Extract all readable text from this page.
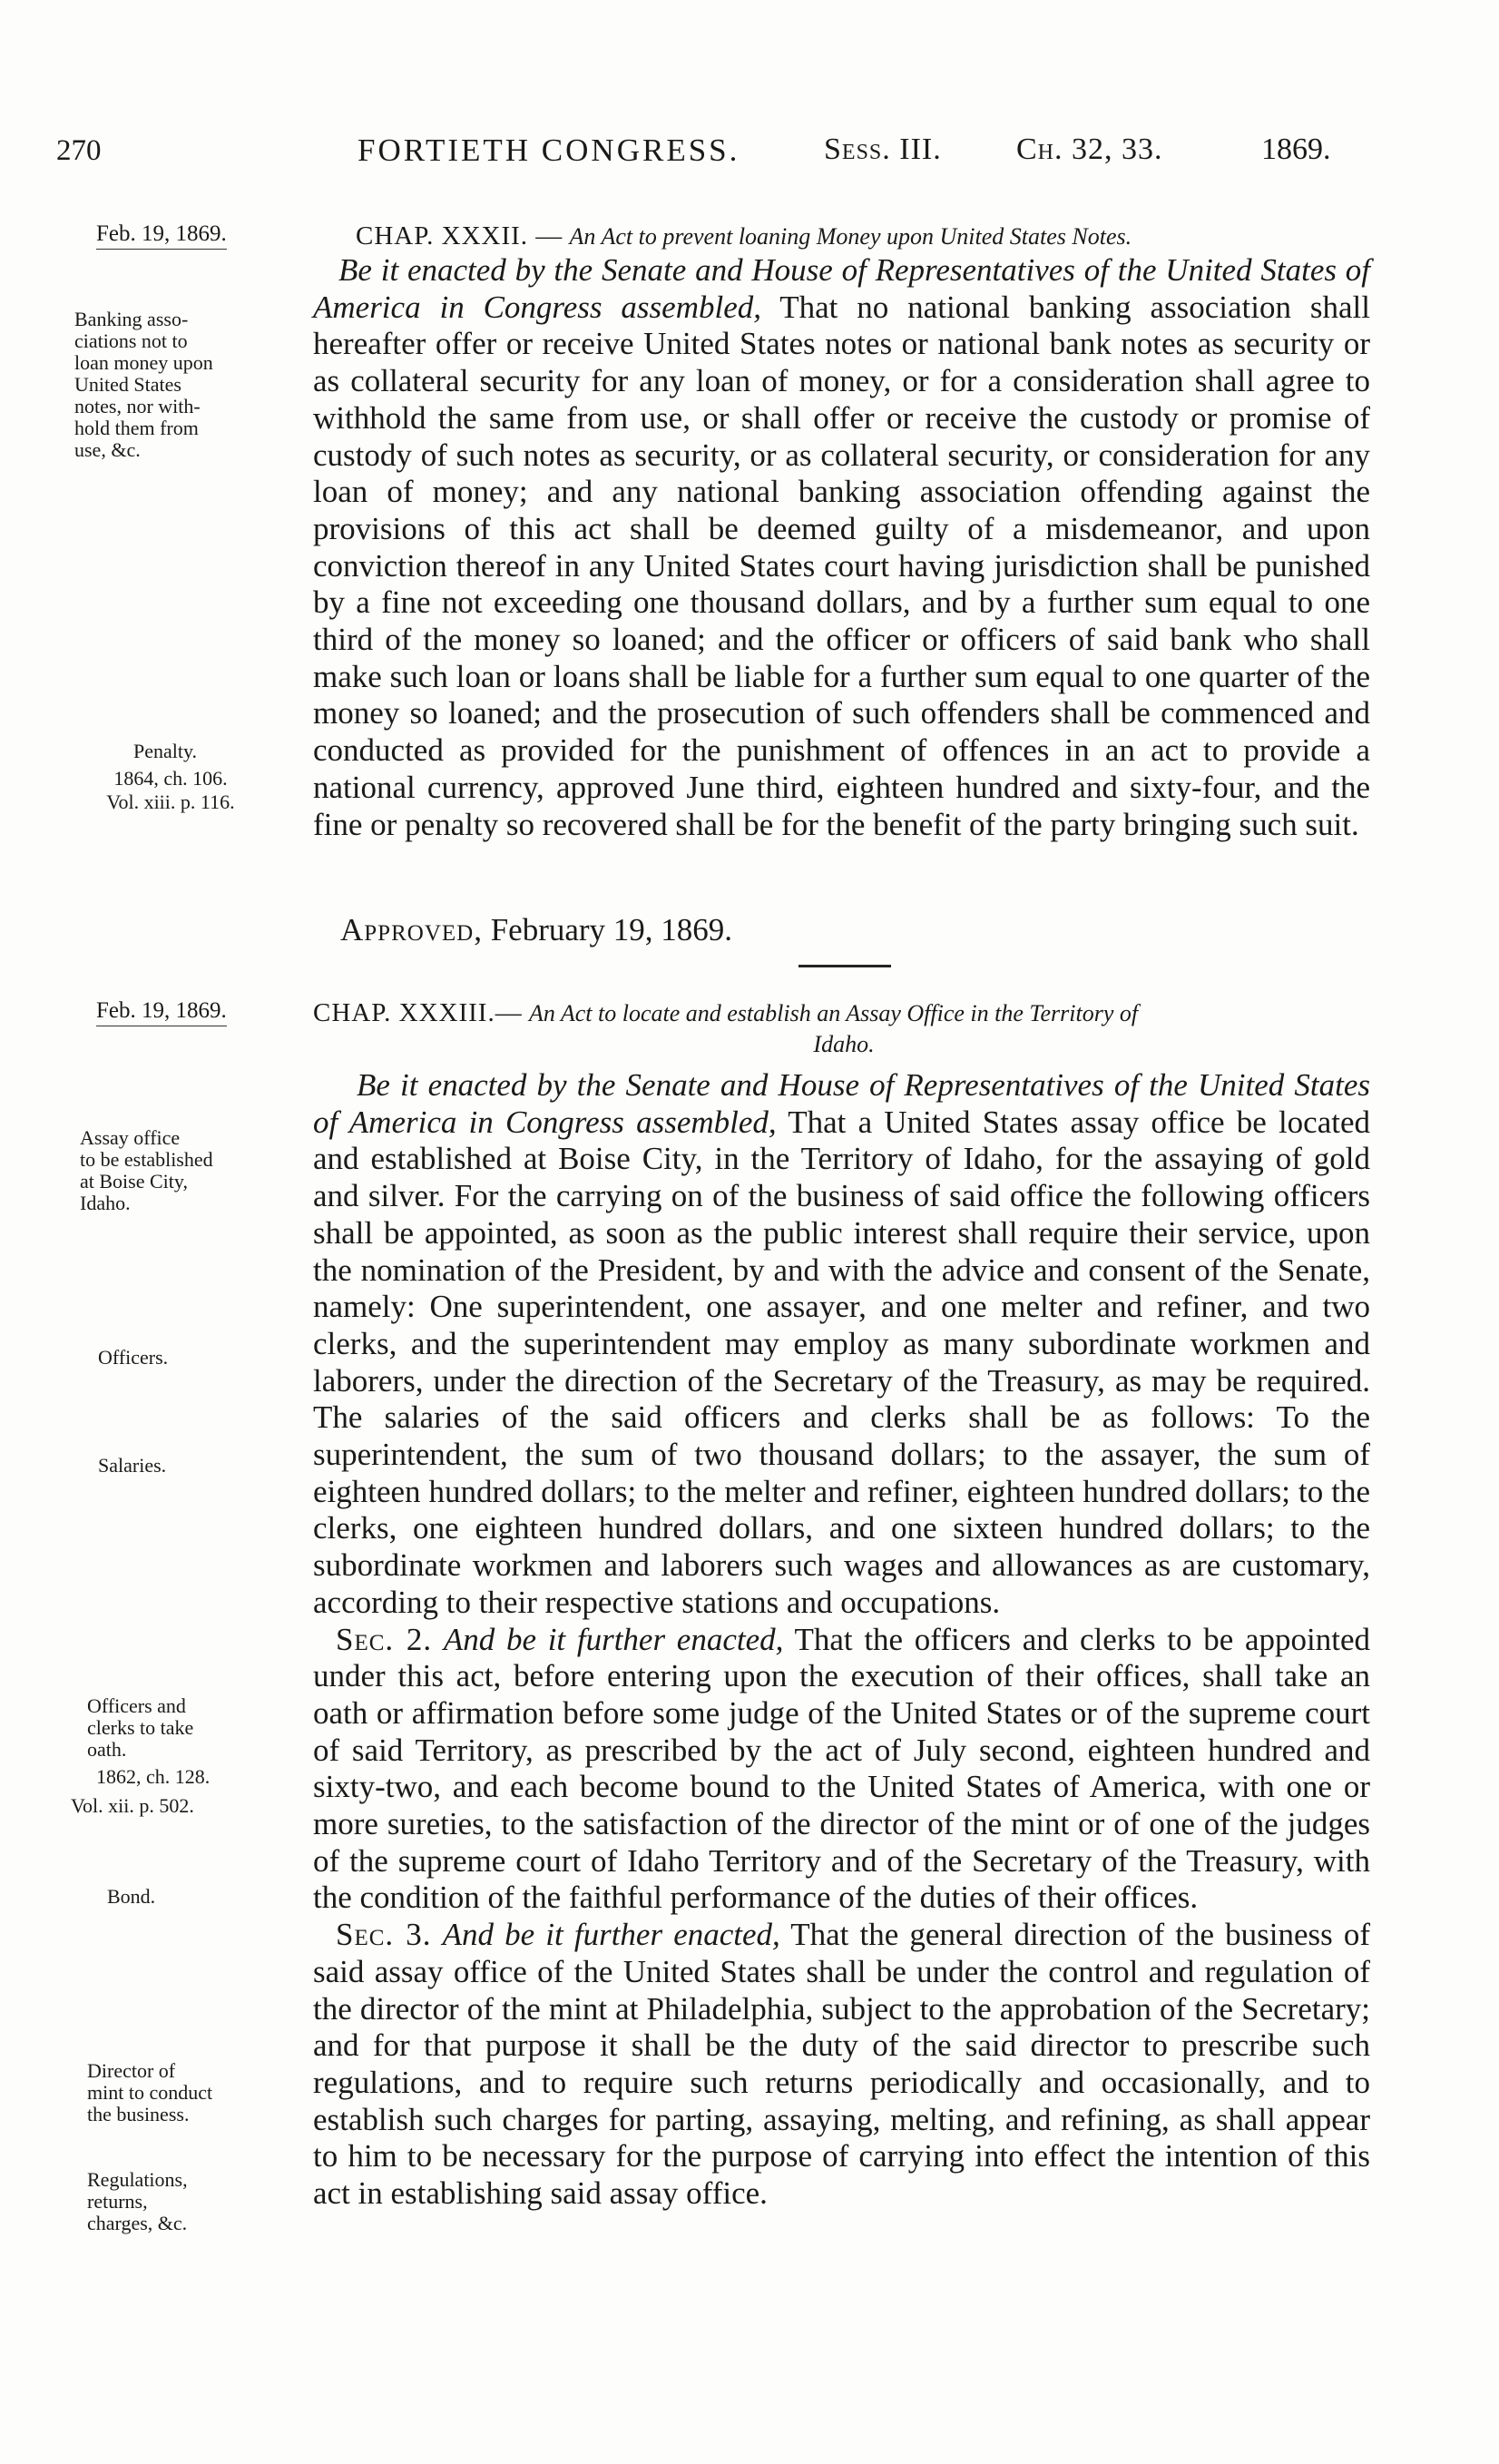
270	FORTIETH CONGRESS.	Sess. III. Ch. 32, 33.	1869.
Feb. 19, 1869.	CHAP. XXXII. — An Act to prevent loaning Money upon United States Notes.
Banking asso-
ciations not to
loan money upon
United States
notes, nor with-
hold them from
use, &c.
Penalty.
1864, ch. 106.
Vol. xiii. p. 116.

Be it enacted by the Senate and House of Representatives of the United States of America in Congress assembled, That no national banking association shall hereafter offer or receive United States notes or national bank notes as security or as collateral security for any loan of money, or for a consideration shall agree to withhold the same from use, or shall offer or receive the custody or promise of custody of such notes as security, or as collateral security, or consideration for any loan of money; and any national banking association offending against the provisions of this act shall be deemed guilty of a misdemeanor, and upon conviction thereof in any United States court having jurisdiction shall be punished by a fine not exceeding one thousand dollars, and by a further sum equal to one third of the money so loaned; and the officer or officers of said bank who shall make such loan or loans shall be liable for a further sum equal to one quarter of the money so loaned; and the prosecution of such offenders shall be commenced and conducted as provided for the punishment of offences in an act to provide a national currency, approved June third, eighteen hundred and sixty-four, and the fine or penalty so recovered shall be for the benefit of the party bringing such suit.

Approved, February 19, 1869.
Feb. 19, 1869.	CHAP. XXXIII.— An Act to locate and establish an Assay Office in the Territory of
Idaho.
Assay office
to be established
at Boise City,
Idaho.
Officers.
Salaries.
Officers and
clerks to take
oath.
1862, ch. 128.
Vol. xii. p. 502.
Bond.
Director of
mint to conduct
the business.
Regulations,
returns,
charges, &c.

Be it enacted by the Senate and House of Representatives of the United States of America in Congress assembled, That a United States assay office be located and established at Boise City, in the Territory of Idaho, for the assaying of gold and silver. For the carrying on of the business of said office the following officers shall be appointed, as soon as the public interest shall require their service, upon the nomination of the President, by and with the advice and consent of the Senate, namely: One superintendent, one assayer, and one melter and refiner, and two clerks, and the superintendent may employ as many subordinate workmen and laborers, under the direction of the Secretary of the Treasury, as may be required. The salaries of the said officers and clerks shall be as follows: To the superintendent, the sum of two thousand dollars; to the assayer, the sum of eighteen hundred dollars; to the melter and refiner, eighteen hundred dollars; to the clerks, one eighteen hundred dollars, and one sixteen hundred dollars; to the subordinate workmen and laborers such wages and allowances as are customary, according to their respective stations and occupations.

Sec. 2. And be it further enacted, That the officers and clerks to be appointed under this act, before entering upon the execution of their offices, shall take an oath or affirmation before some judge of the United States or of the supreme court of said Territory, as prescribed by the act of July second, eighteen hundred and sixty-two, and each become bound to the United States of America, with one or more sureties, to the satisfaction of the director of the mint or of one of the judges of the supreme court of Idaho Territory and of the Secretary of the Treasury, with the condition of the faithful performance of the duties of their offices.

Sec. 3. And be it further enacted, That the general direction of the business of said assay office of the United States shall be under the control and regulation of the director of the mint at Philadelphia, subject to the approbation of the Secretary; and for that purpose it shall be the duty of the said director to prescribe such regulations, and to require such returns periodically and occasionally, and to establish such charges for parting, assaying, melting, and refining, as shall appear to him to be necessary for the purpose of carrying into effect the intention of this act in establishing said assay office.
